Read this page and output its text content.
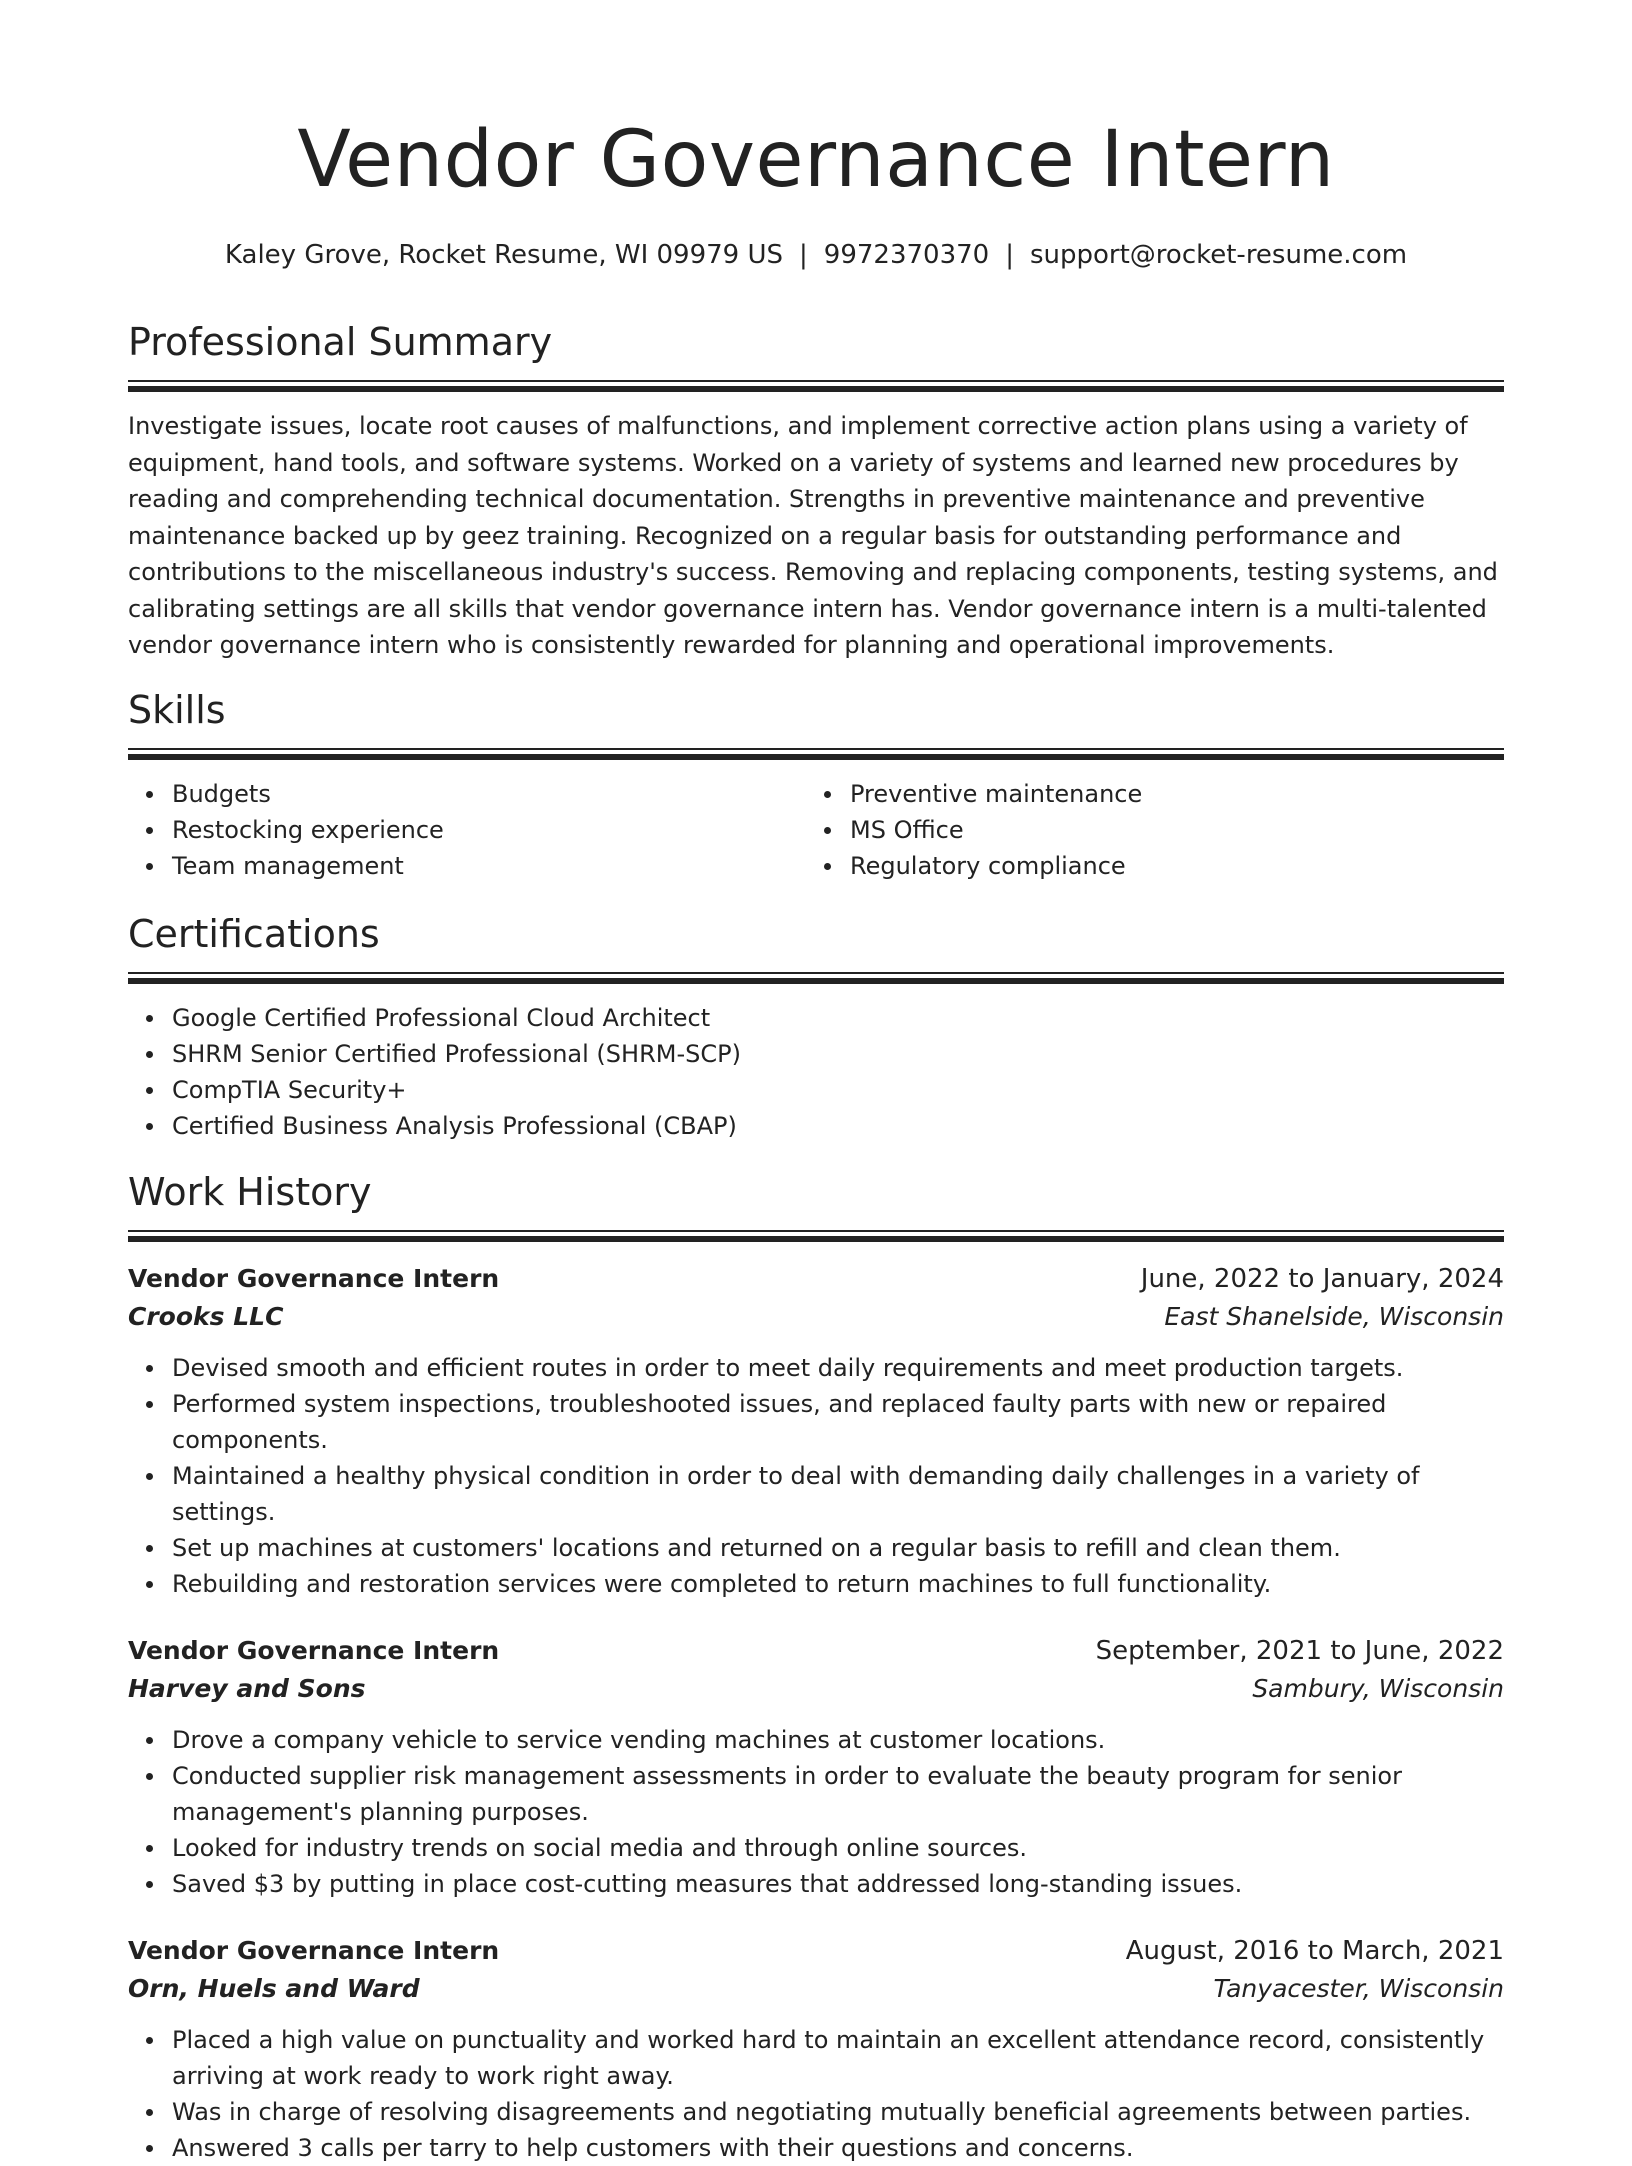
Vendor Governance Intern
Kaley Grove, Rocket Resume, WI 09979 US | 9972370370 | support@rocket-resume.com
Professional Summary

Investigate issues, locate root causes of malfunctions, and implement corrective action plans using a variety of equipment, hand tools, and software systems. Worked on a variety of systems and learned new procedures by reading and comprehending technical documentation. Strengths in preventive maintenance and preventive maintenance backed up by geez training. Recognized on a regular basis for outstanding performance and contributions to the miscellaneous industry's success. Removing and replacing components, testing systems, and calibrating settings are all skills that vendor governance intern has. Vendor governance intern is a multi-talented vendor governance intern who is consistently rewarded for planning and operational improvements.

Skills
Budgets
Restocking experience
Team management
Preventive maintenance
MS Office
Regulatory compliance
Certifications
Google Certified Professional Cloud Architect
SHRM Senior Certified Professional (SHRM-SCP)
CompTIA Security+
Certified Business Analysis Professional (CBAP)
Work History
Vendor Governance Intern	June, 2022 to January, 2024
Crooks LLC	East Shanelside, Wisconsin
Devised smooth and efficient routes in order to meet daily requirements and meet production targets.
Performed system inspections, troubleshooted issues, and replaced faulty parts with new or repaired components.
Maintained a healthy physical condition in order to deal with demanding daily challenges in a variety of settings.
Set up machines at customers' locations and returned on a regular basis to refill and clean them.
Rebuilding and restoration services were completed to return machines to full functionality.
Vendor Governance Intern	September, 2021 to June, 2022
Harvey and Sons	Sambury, Wisconsin
Drove a company vehicle to service vending machines at customer locations.
Conducted supplier risk management assessments in order to evaluate the beauty program for senior management's planning purposes.
Looked for industry trends on social media and through online sources.
Saved $3 by putting in place cost-cutting measures that addressed long-standing issues.
Vendor Governance Intern	August, 2016 to March, 2021
Orn, Huels and Ward	Tanyacester, Wisconsin
Placed a high value on punctuality and worked hard to maintain an excellent attendance record, consistently arriving at work ready to work right away.
Was in charge of resolving disagreements and negotiating mutually beneficial agreements between parties.
Answered 3 calls per tarry to help customers with their questions and concerns.
